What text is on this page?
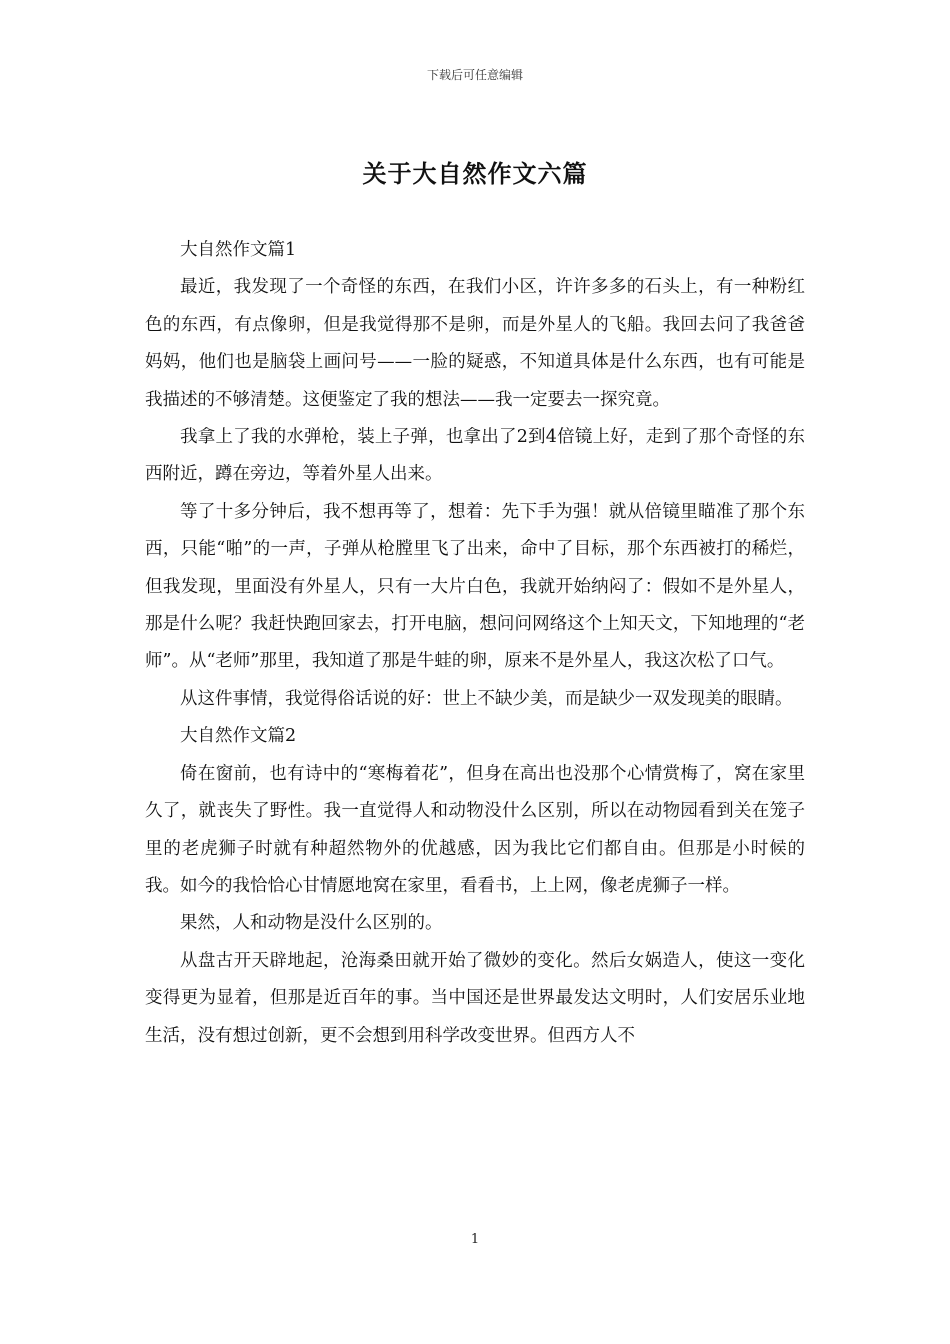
下载后可任意编辑
关于大自然作文六篇

大自然作文篇1

最近，我发现了一个奇怪的东西，在我们小区，许许多多的石头上，有一种粉红色的东西，有点像卵，但是我觉得那不是卵，而是外星人的飞船。我回去问了我爸爸妈妈，他们也是脑袋上画问号——一脸的疑惑，不知道具体是什么东西，也有可能是我描述的不够清楚。这便鉴定了我的想法——我一定要去一探究竟。

我拿上了我的水弹枪，装上子弹，也拿出了2到4倍镜上好，走到了那个奇怪的东西附近，蹲在旁边，等着外星人出来。

等了十多分钟后，我不想再等了，想着：先下手为强！就从倍镜里瞄准了那个东西，只能“啪”的一声，子弹从枪膛里飞了出来，命中了目标，那个东西被打的稀烂，但我发现，里面没有外星人，只有一大片白色，我就开始纳闷了：假如不是外星人，那是什么呢？我赶快跑回家去，打开电脑，想问问网络这个上知天文，下知地理的“老师”。从“老师”那里，我知道了那是牛蛙的卵，原来不是外星人，我这次松了口气。

从这件事情，我觉得俗话说的好：世上不缺少美，而是缺少一双发现美的眼睛。

大自然作文篇2

倚在窗前，也有诗中的“寒梅着花”，但身在高出也没那个心情赏梅了，窝在家里久了，就丧失了野性。我一直觉得人和动物没什么区别，所以在动物园看到关在笼子里的老虎狮子时就有种超然物外的优越感，因为我比它们都自由。但那是小时候的我。如今的我恰恰心甘情愿地窝在家里，看看书，上上网，像老虎狮子一样。

果然，人和动物是没什么区别的。

从盘古开天辟地起，沧海桑田就开始了微妙的变化。然后女娲造人，使这一变化变得更为显着，但那是近百年的事。当中国还是世界最发达文明时，人们安居乐业地生活，没有想过创新，更不会想到用科学改变世界。但西方人不

1
